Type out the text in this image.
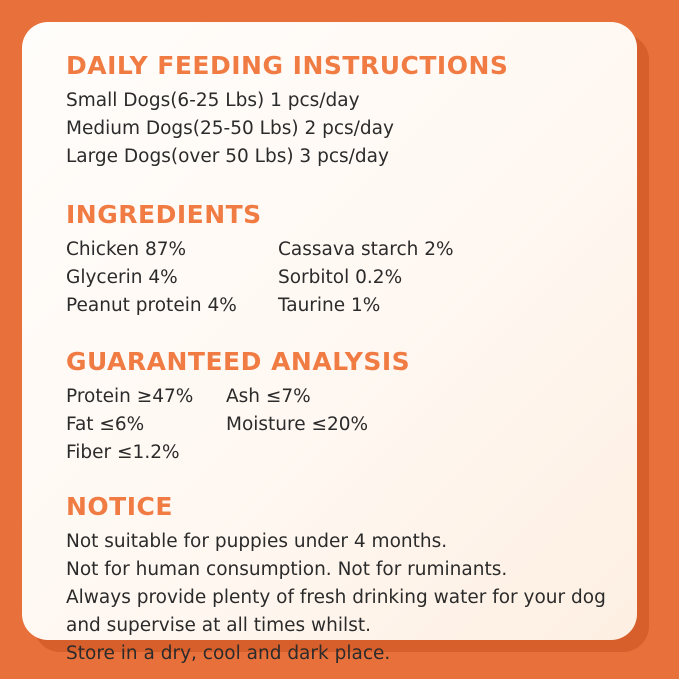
DAILY FEEDING INSTRUCTIONS
Small Dogs(6-25 Lbs) 1 pcs/day
Medium Dogs(25-50 Lbs) 2 pcs/day
Large Dogs(over 50 Lbs) 3 pcs/day
INGREDIENTS
Chicken 87%
Glycerin 4%
Peanut protein 4%
Cassava starch 2%
Sorbitol 0.2%
Taurine 1%
GUARANTEED ANALYSIS
Protein ≥47%
Fat ≤6%
Fiber ≤1.2%
Ash ≤7%
Moisture ≤20%
NOTICE
Not suitable for puppies under 4 months.
Not for human consumption. Not for ruminants.
Always provide plenty of fresh drinking water for your dog
and supervise at all times whilst.
Store in a dry, cool and dark place.
